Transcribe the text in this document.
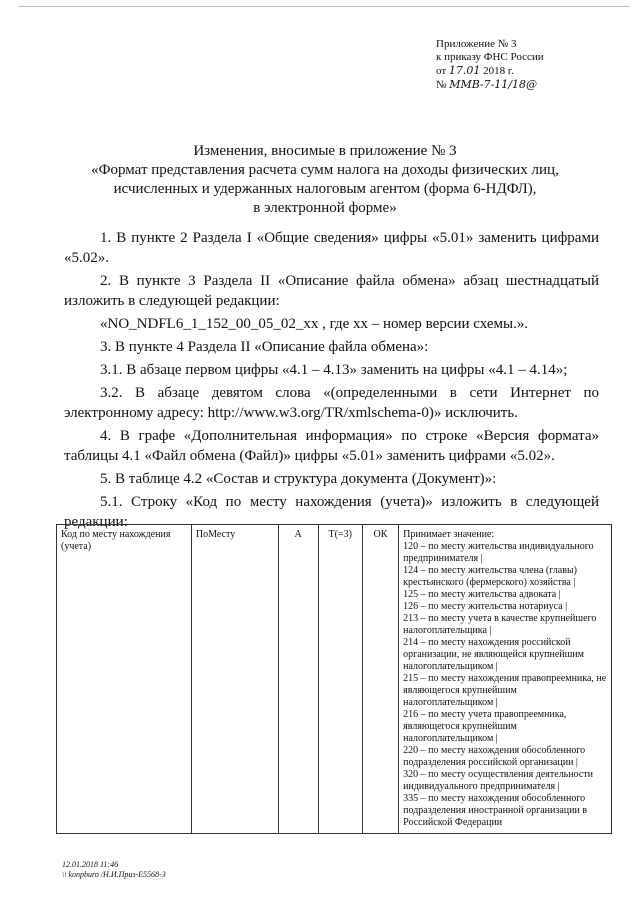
Приложение № 3
к приказу ФНС России
от 17.01 2018 г.
№ ММВ-7-11/18@
Изменения, вносимые в приложение № 3
«Формат представления расчета сумм налога на доходы физических лиц,
исчисленных и удержанных налоговым агентом (форма 6-НДФЛ),
в электронной форме»

1. В пункте 2 Раздела I «Общие сведения» цифры «5.01» заменить цифрами «5.02».

2. В пункте 3 Раздела II «Описание файла обмена» абзац шестнадцатый изложить в следующей редакции:

«NO_NDFL6_1_152_00_05_02_xx , где хх – номер версии схемы.».

3. В пункте 4 Раздела II «Описание файла обмена»:

3.1. В абзаце первом цифры «4.1 – 4.13» заменить на цифры «4.1 – 4.14»;

3.2. В абзаце девятом слова «(определенными в сети Интернет по электронному адресу: http://www.w3.org/TR/xmlschema-0)» исключить.

4. В графе «Дополнительная информация» по строке «Версия формата» таблицы 4.1 «Файл обмена (Файл)» цифры «5.01» заменить цифрами «5.02».

5. В таблице 4.2 «Состав и структура документа (Документ)»:

5.1. Строку «Код по месту нахождения (учета)» изложить в следующей редакции:

Код по месту нахождения (учета)	ПоМесту	А	Т(=3)	ОК	Принимает значение:
120 – по месту жительства индивидуального предпринимателя |
124 – по месту жительства члена (главы) крестьянского (фермерского) хозяйства |
125 – по месту жительства адвоката |
126 – по месту жительства нотариуса |
213 – по месту учета в качестве крупнейшего налогоплательщика |
214 – по месту нахождения российской организации, не являющейся крупнейшим налогоплательщиком |
215 – по месту нахождения правопреемника, не являющегося крупнейшим налогоплательщиком |
216 – по месту учета правопреемника, являющегося крупнейшим налогоплательщиком |
220 – по месту нахождения обособленного подразделения российской организации |
320 – по месту осуществления деятельности индивидуального предпринимателя |
335 – по месту нахождения обособленного подразделения иностранной организации в Российской Федерации
12.01.2018 11:46
\\ konpburo /Н.И.Приз-E5568-3
